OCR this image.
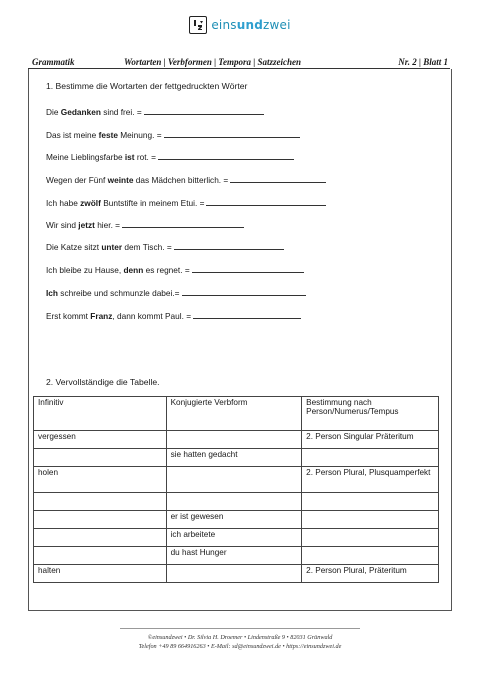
einsundzwei
Grammatik	Wortarten | Verbformen | Tempora | Satzzeichen	Nr. 2 | Blatt 1
1. Bestimme die Wortarten der fettgedruckten Wörter
Die Gedanken sind frei. =
Das ist meine feste Meinung. =
Meine Lieblingsfarbe ist rot. =
Wegen der Fünf weinte das Mädchen bitterlich. =
Ich habe zwölf Buntstifte in meinem Etui. =
Wir sind jetzt hier. =
Die Katze sitzt unter dem Tisch. =
Ich bleibe zu Hause, denn es regnet. =
Ich schreibe und schmunzle dabei.=
Erst kommt Franz, dann kommt Paul. =
2. Vervollständige die Tabelle.
Infinitiv	Konjugierte Verbform	Bestimmung nach Person/Numerus/Tempus
vergessen		2. Person Singular Präteritum
	sie hatten gedacht	
holen		2. Person Plural, Plusquamperfekt

	er ist gewesen	
	ich arbeitete	
	du hast Hunger	
halten		2. Person Plural, Präteritum
©einsundzwei • Dr. Silvia H. Droemer • Lindenstraße 9 • 82031 Grünwald
Telefon +49 89 664916263 • E-Mail: sd@einsundzwei.de • https://einsundzwei.de
